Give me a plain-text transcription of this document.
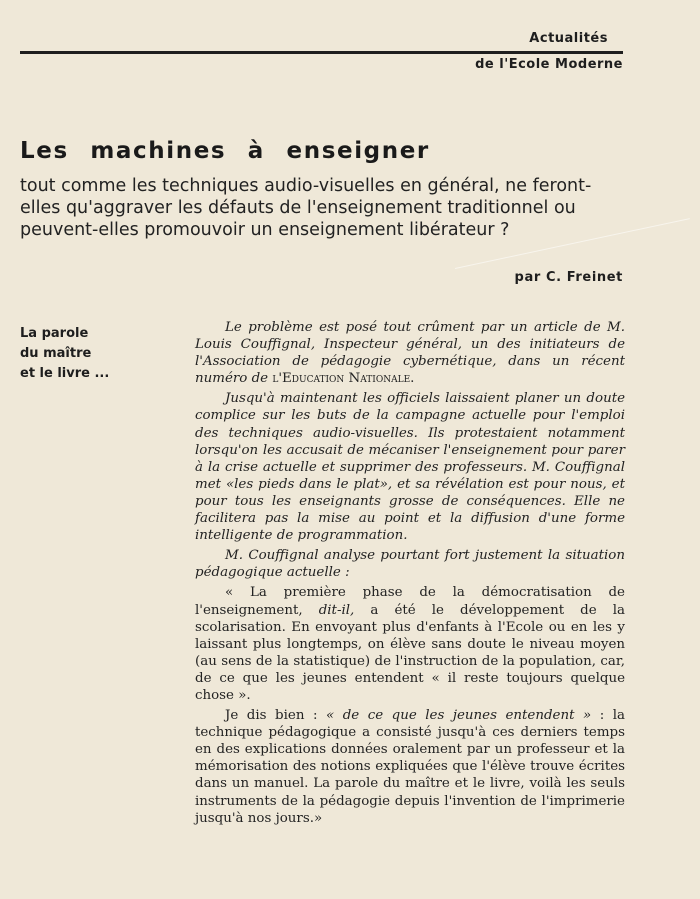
Actualités
de l'Ecole Moderne
Les machines à enseigner

tout comme les techniques audio-visuelles en général, ne feront-elles qu'aggraver les défauts de l'enseignement traditionnel ou peuvent-elles promouvoir un enseignement libérateur ?

par C. Freinet
La parole
du maître
et le livre ...

Le problème est posé tout crûment par un article de M. Louis Couffignal, Inspecteur général, un des initiateurs de l'Association de pédagogie cybernétique, dans un récent numéro de l'Education Nationale.

Jusqu'à maintenant les officiels laissaient planer un doute complice sur les buts de la campagne actuelle pour l'emploi des techniques audio-visuelles. Ils protestaient notamment lorsqu'on les accusait de mécaniser l'enseignement pour parer à la crise actuelle et supprimer des professeurs. M. Couffignal met «les pieds dans le plat», et sa révélation est pour nous, et pour tous les enseignants grosse de conséquences. Elle ne facilitera pas la mise au point et la diffusion d'une forme intelligente de programmation.

M. Couffignal analyse pourtant fort justement la situation pédagogique actuelle :

« La première phase de la démocratisation de l'enseignement, dit-il, a été le développement de la scolarisation. En envoyant plus d'enfants à l'Ecole ou en les y laissant plus longtemps, on élève sans doute le niveau moyen (au sens de la statistique) de l'instruction de la population, car, de ce que les jeunes entendent « il reste toujours quelque chose ».

Je dis bien : « de ce que les jeunes entendent » : la technique pédagogique a consisté jusqu'à ces derniers temps en des explications données oralement par un professeur et la mémorisation des notions expliquées que l'élève trouve écrites dans un manuel. La parole du maître et le livre, voilà les seuls instruments de la pédagogie depuis l'invention de l'imprimerie jusqu'à nos jours.»
